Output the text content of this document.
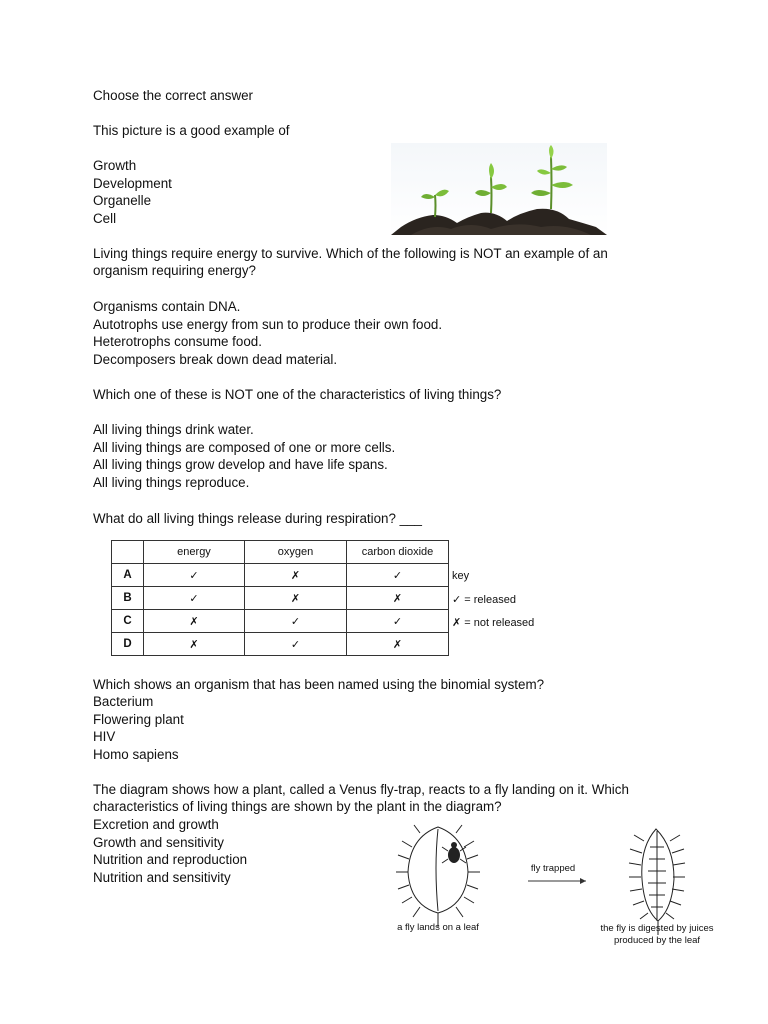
Choose the correct answer
This picture is a good example of
Growth
Development
Organelle
Cell
Living things require energy to survive. Which of the following is NOT an example of an
organism requiring energy?
Organisms contain DNA.
Autotrophs use energy from sun to produce their own food.
Heterotrophs consume food.
Decomposers break down dead material.
Which one of these is NOT one of the characteristics of living things?
All living things drink water.
All living things are composed of one or more cells.
All living things grow develop and have life spans.
All living things reproduce.
What do all living things release during respiration? ___
	energy	oxygen	carbon dioxide
A	✓	✗	✓
B	✓	✗	✗
C	✗	✓	✓
D	✗	✓	✗
key
✓ = released
✗ = not released
Which shows an organism that has been named using the binomial system?
Bacterium
Flowering plant
HIV
Homo sapiens
The diagram shows how a plant, called a Venus fly-trap, reacts to a fly landing on it. Which
characteristics of living things are shown by the plant in the diagram?
Excretion and growth
Growth and sensitivity
Nutrition and reproduction
Nutrition and sensitivity
a fly lands on a leaf
fly trapped
the fly is digested by juices
produced by the leaf
